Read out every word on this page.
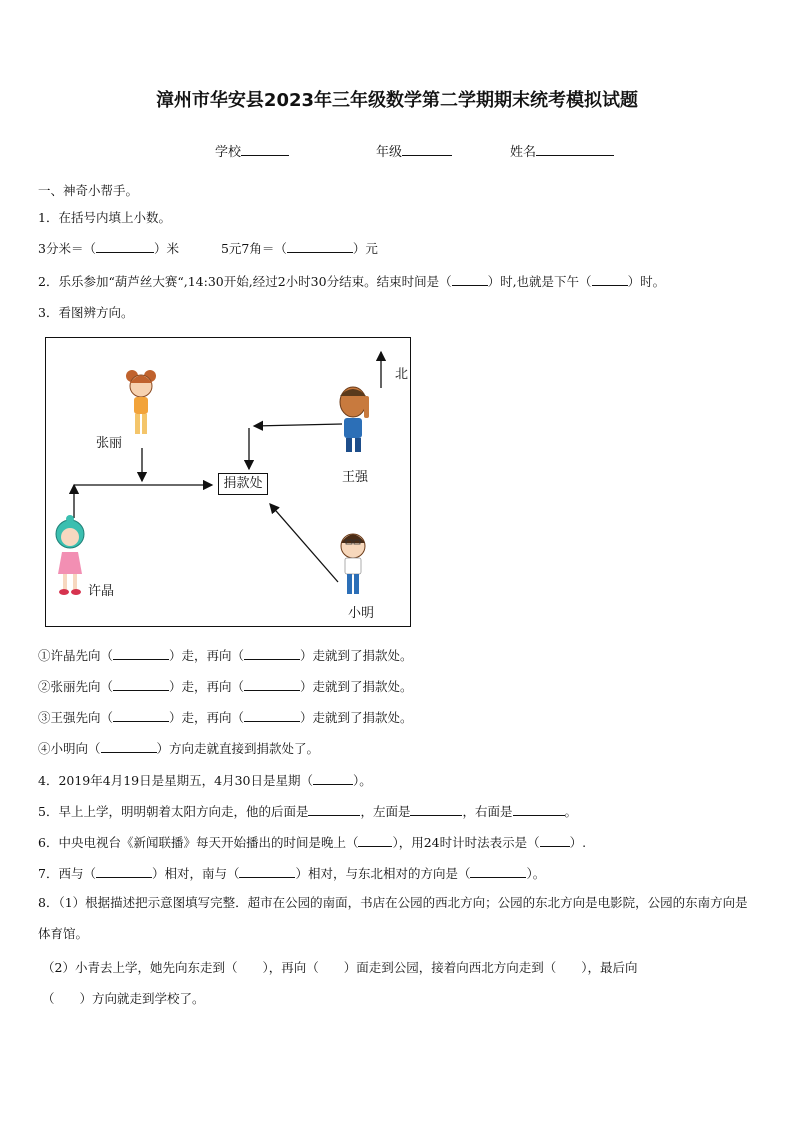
漳州市华安县2023年三年级数学第二学期期末统考模拟试题
学校	年级	姓名
一、神奇小帮手。
1．在括号内填上小数。
3分米＝（	）米	5元7角＝（	）元
2．乐乐参加“葫芦丝大赛“,14:30开始,经过2小时30分结束。结束时间是（	）时,也就是下午（	）时。
3．看图辨方向。
张丽
王强
许晶
小明
捐款处
北
①许晶先向（	）走，再向（	）走就到了捐款处。
②张丽先向（	）走，再向（	）走就到了捐款处。
③王强先向（	）走，再向（	）走就到了捐款处。
④小明向（	）方向走就直接到捐款处了。
4．2019年4月19日是星期五，4月30日是星期（	）。
5．早上上学，明明朝着太阳方向走，他的后面是	，左面是	，右面是	。
6．中央电视台《新闻联播》每天开始播出的时间是晚上（	），用24时计时法表示是（ ）.
7．西与（	）相对，南与（	）相对，与东北相对的方向是（	）。
8．（1）根据描述把示意图填写完整．超市在公园的南面，书店在公园的西北方向；公园的东北方向是电影院，公园的东南方向是体育馆。
（2）小青去上学，她先向东走到（　　），再向（　　）面走到公园，接着向西北方向走到（　　），最后向
（　　）方向就走到学校了。
